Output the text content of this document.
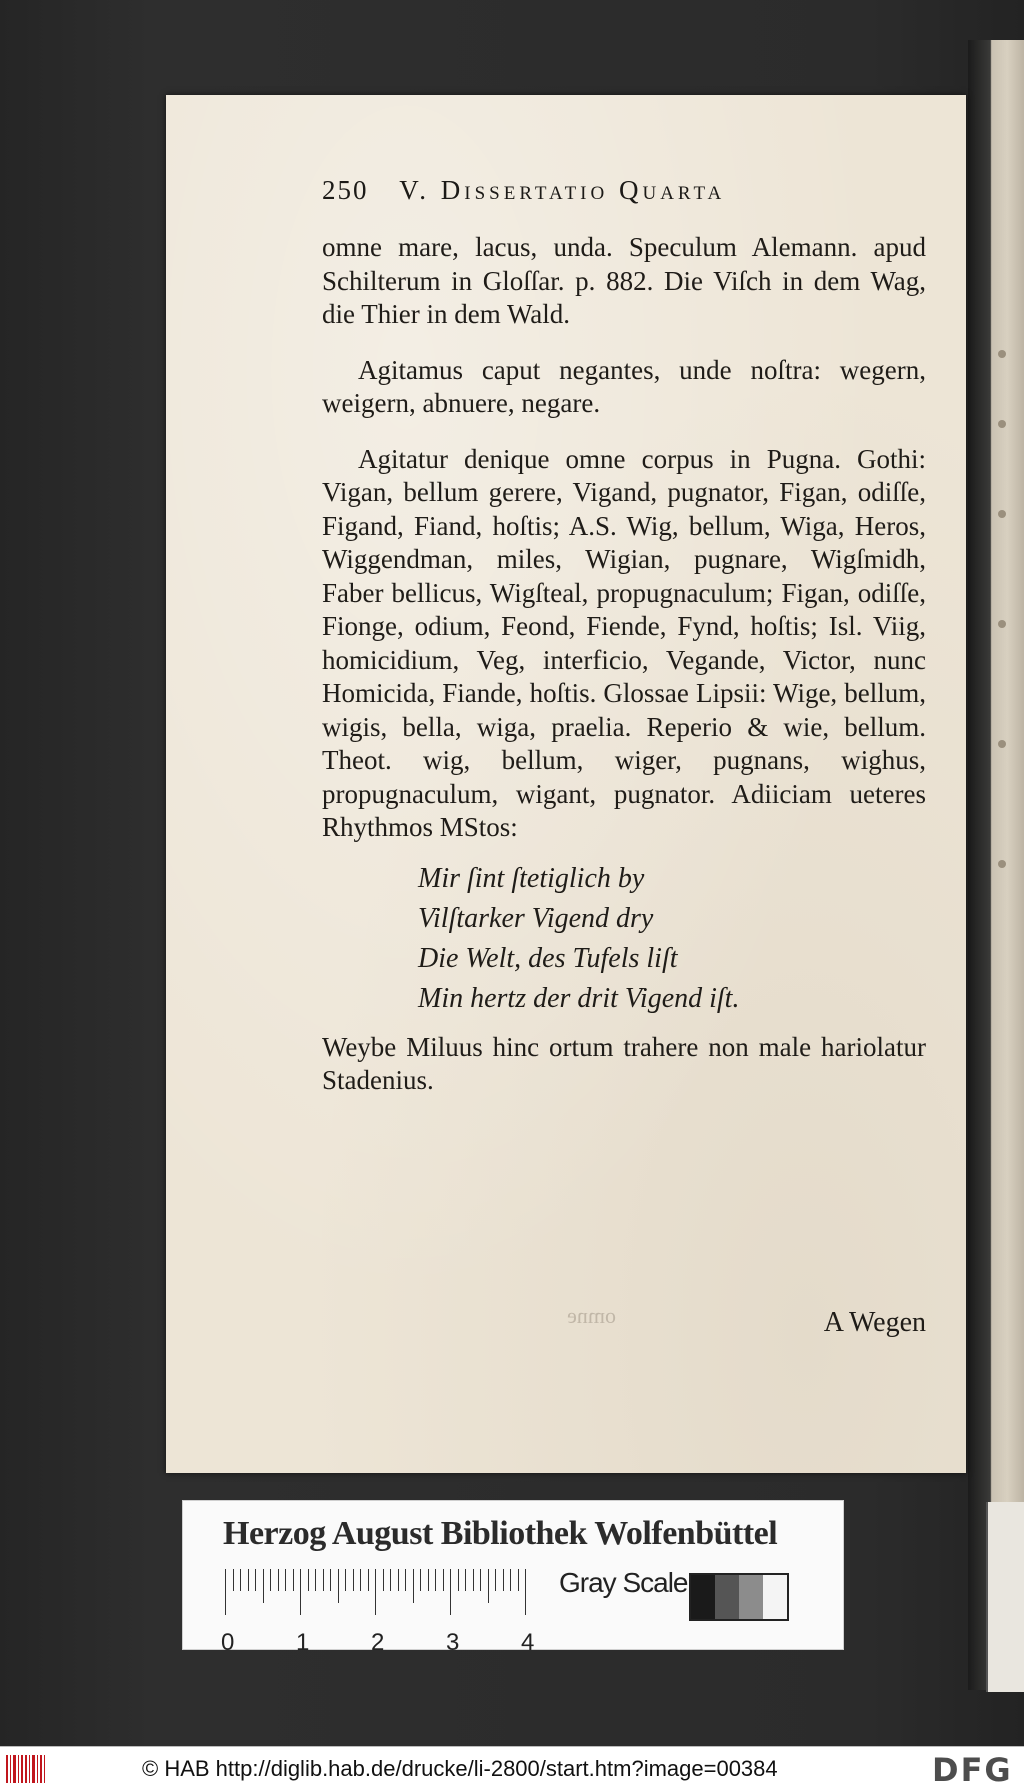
250 V. Dissertatio Quarta

omne mare, lacus, unda. Speculum Alemann. apud Schilterum in Gloſſar. p. 882. Die Viſch in dem Wag, die Thier in dem Wald.

Agitamus caput negantes, unde noſtra: wegern, weigern, abnuere, negare.

Agitatur denique omne corpus in Pugna. Gothi: Vigan, bellum gerere, Vigand, pugnator, Figan, odiſſe, Figand, Fiand, hoſtis; A.S. Wig, bellum, Wiga, Heros, Wiggendman, miles, Wigian, pugnare, Wigſmidh, Faber bellicus, Wigſteal, propugnaculum; Figan, odiſſe, Fionge, odium, Feond, Fiende, Fynd, hoſtis; Isl. Viig, homicidium, Veg, interficio, Vegande, Victor, nunc Homicida, Fiande, hoſtis. Glossae Lipsii: Wige, bellum, wigis, bella, wiga, praelia. Reperio & wie, bellum. Theot. wig, bellum, wiger, pugnans, wighus, propugnaculum, wigant, pugnator. Adiiciam ueteres Rhythmos MStos:

Mir ſint ſtetiglich by
Vilſtarker Vigend dry
Die Welt, des Tufels liſt
Min hertz der drit Vigend iſt.

Weybe Miluus hinc ortum trahere non male hariolatur Stadenius.

omne	A Wegen
Herzog August Bibliothek Wolfenbüttel
0	1	2	3	4
Gray Scale
© HAB http://diglib.hab.de/drucke/li-2800/start.htm?image=00384	DFG
